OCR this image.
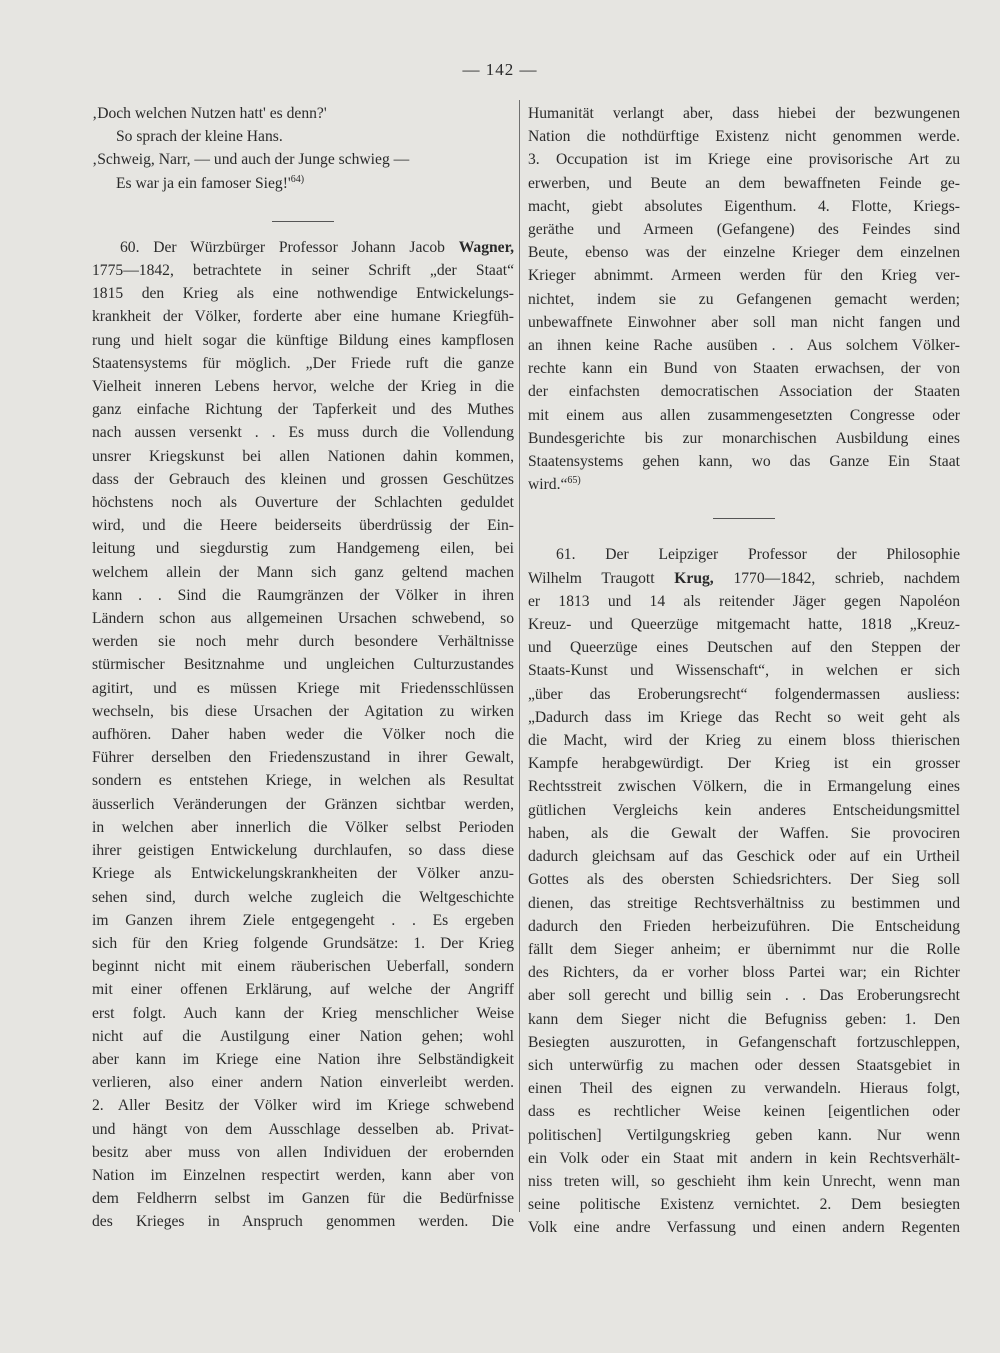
— 142 —
‚Doch welchen Nutzen hatt' es denn?'
So sprach der kleine Hans.
‚Schweig, Narr, — und auch der Junge schwieg —
Es war ja ein famoser Sieg!'$^{64)}$
60. Der Würzbürger Professor Johann Jacob Wagner,
1775—1842, betrachtete in seiner Schrift „der Staat“
1815 den Krieg als eine nothwendige Entwickelungs-
krankheit der Völker, forderte aber eine humane Kriegfüh-
rung und hielt sogar die künftige Bildung eines kampflosen
Staatensystems für möglich. „Der Friede ruft die ganze
Vielheit inneren Lebens hervor, welche der Krieg in die
ganz einfache Richtung der Tapferkeit und des Muthes
nach aussen versenkt . . Es muss durch die Vollendung
unsrer Kriegskunst bei allen Nationen dahin kommen,
dass der Gebrauch des kleinen und grossen Geschützes
höchstens noch als Ouverture der Schlachten geduldet
wird, und die Heere beiderseits überdrüssig der Ein-
leitung und siegdurstig zum Handgemeng eilen, bei
welchem allein der Mann sich ganz geltend machen
kann . . Sind die Raumgränzen der Völker in ihren
Ländern schon aus allgemeinen Ursachen schwebend, so
werden sie noch mehr durch besondere Verhältnisse
stürmischer Besitznahme und ungleichen Culturzustandes
agitirt, und es müssen Kriege mit Friedensschlüssen
wechseln, bis diese Ursachen der Agitation zu wirken
aufhören. Daher haben weder die Völker noch die
Führer derselben den Friedenszustand in ihrer Gewalt,
sondern es entstehen Kriege, in welchen als Resultat
äusserlich Veränderungen der Gränzen sichtbar werden,
in welchen aber innerlich die Völker selbst Perioden
ihrer geistigen Entwickelung durchlaufen, so dass diese
Kriege als Entwickelungskrankheiten der Völker anzu-
sehen sind, durch welche zugleich die Weltgeschichte
im Ganzen ihrem Ziele entgegengeht . . Es ergeben
sich für den Krieg folgende Grundsätze: 1. Der Krieg
beginnt nicht mit einem räuberischen Ueberfall, sondern
mit einer offenen Erklärung, auf welche der Angriff
erst folgt. Auch kann der Krieg menschlicher Weise
nicht auf die Austilgung einer Nation gehen; wohl
aber kann im Kriege eine Nation ihre Selbständigkeit
verlieren, also einer andern Nation einverleibt werden.
2. Aller Besitz der Völker wird im Kriege schwebend
und hängt von dem Ausschlage desselben ab. Privat-
besitz aber muss von allen Individuen der erobernden
Nation im Einzelnen respectirt werden, kann aber von
dem Feldherrn selbst im Ganzen für die Bedürfnisse
des Krieges in Anspruch genommen werden. Die
Humanität verlangt aber, dass hiebei der bezwungenen
Nation die nothdürftige Existenz nicht genommen werde.
3. Occupation ist im Kriege eine provisorische Art zu
erwerben, und Beute an dem bewaffneten Feinde ge-
macht, giebt absolutes Eigenthum. 4. Flotte, Kriegs-
geräthe und Armeen (Gefangene) des Feindes sind
Beute, ebenso was der einzelne Krieger dem einzelnen
Krieger abnimmt. Armeen werden für den Krieg ver-
nichtet, indem sie zu Gefangenen gemacht werden;
unbewaffnete Einwohner aber soll man nicht fangen und
an ihnen keine Rache ausüben . . Aus solchem Völker-
rechte kann ein Bund von Staaten erwachsen, der von
der einfachsten democratischen Association der Staaten
mit einem aus allen zusammengesetzten Congresse oder
Bundesgerichte bis zur monarchischen Ausbildung eines
Staatensystems gehen kann, wo das Ganze Ein Staat
wird.“$^{65)}$
61. Der Leipziger Professor der Philosophie
Wilhelm Traugott Krug, 1770—1842, schrieb, nachdem
er 1813 und 14 als reitender Jäger gegen Napoléon
Kreuz- und Queerzüge mitgemacht hatte, 1818 „Kreuz-
und Queerzüge eines Deutschen auf den Steppen der
Staats-Kunst und Wissenschaft“, in welchen er sich
„über das Eroberungsrecht“ folgendermassen ausliess:
„Dadurch dass im Kriege das Recht so weit geht als
die Macht, wird der Krieg zu einem bloss thierischen
Kampfe herabgewürdigt. Der Krieg ist ein grosser
Rechtsstreit zwischen Völkern, die in Ermangelung eines
gütlichen Vergleichs kein anderes Entscheidungsmittel
haben, als die Gewalt der Waffen. Sie provociren
dadurch gleichsam auf das Geschick oder auf ein Urtheil
Gottes als des obersten Schiedsrichters. Der Sieg soll
dienen, das streitige Rechtsverhältniss zu bestimmen und
dadurch den Frieden herbeizuführen. Die Entscheidung
fällt dem Sieger anheim; er übernimmt nur die Rolle
des Richters, da er vorher bloss Partei war; ein Richter
aber soll gerecht und billig sein . . Das Eroberungsrecht
kann dem Sieger nicht die Befugniss geben: 1. Den
Besiegten auszurotten, in Gefangenschaft fortzuschleppen,
sich unterwürfig zu machen oder dessen Staatsgebiet in
einen Theil des eignen zu verwandeln. Hieraus folgt,
dass es rechtlicher Weise keinen [eigentlichen oder
politischen] Vertilgungskrieg geben kann. Nur wenn
ein Volk oder ein Staat mit andern in kein Rechtsverhält-
niss treten will, so geschieht ihm kein Unrecht, wenn man
seine politische Existenz vernichtet. 2. Dem besiegten
Volk eine andre Verfassung und einen andern Regenten
